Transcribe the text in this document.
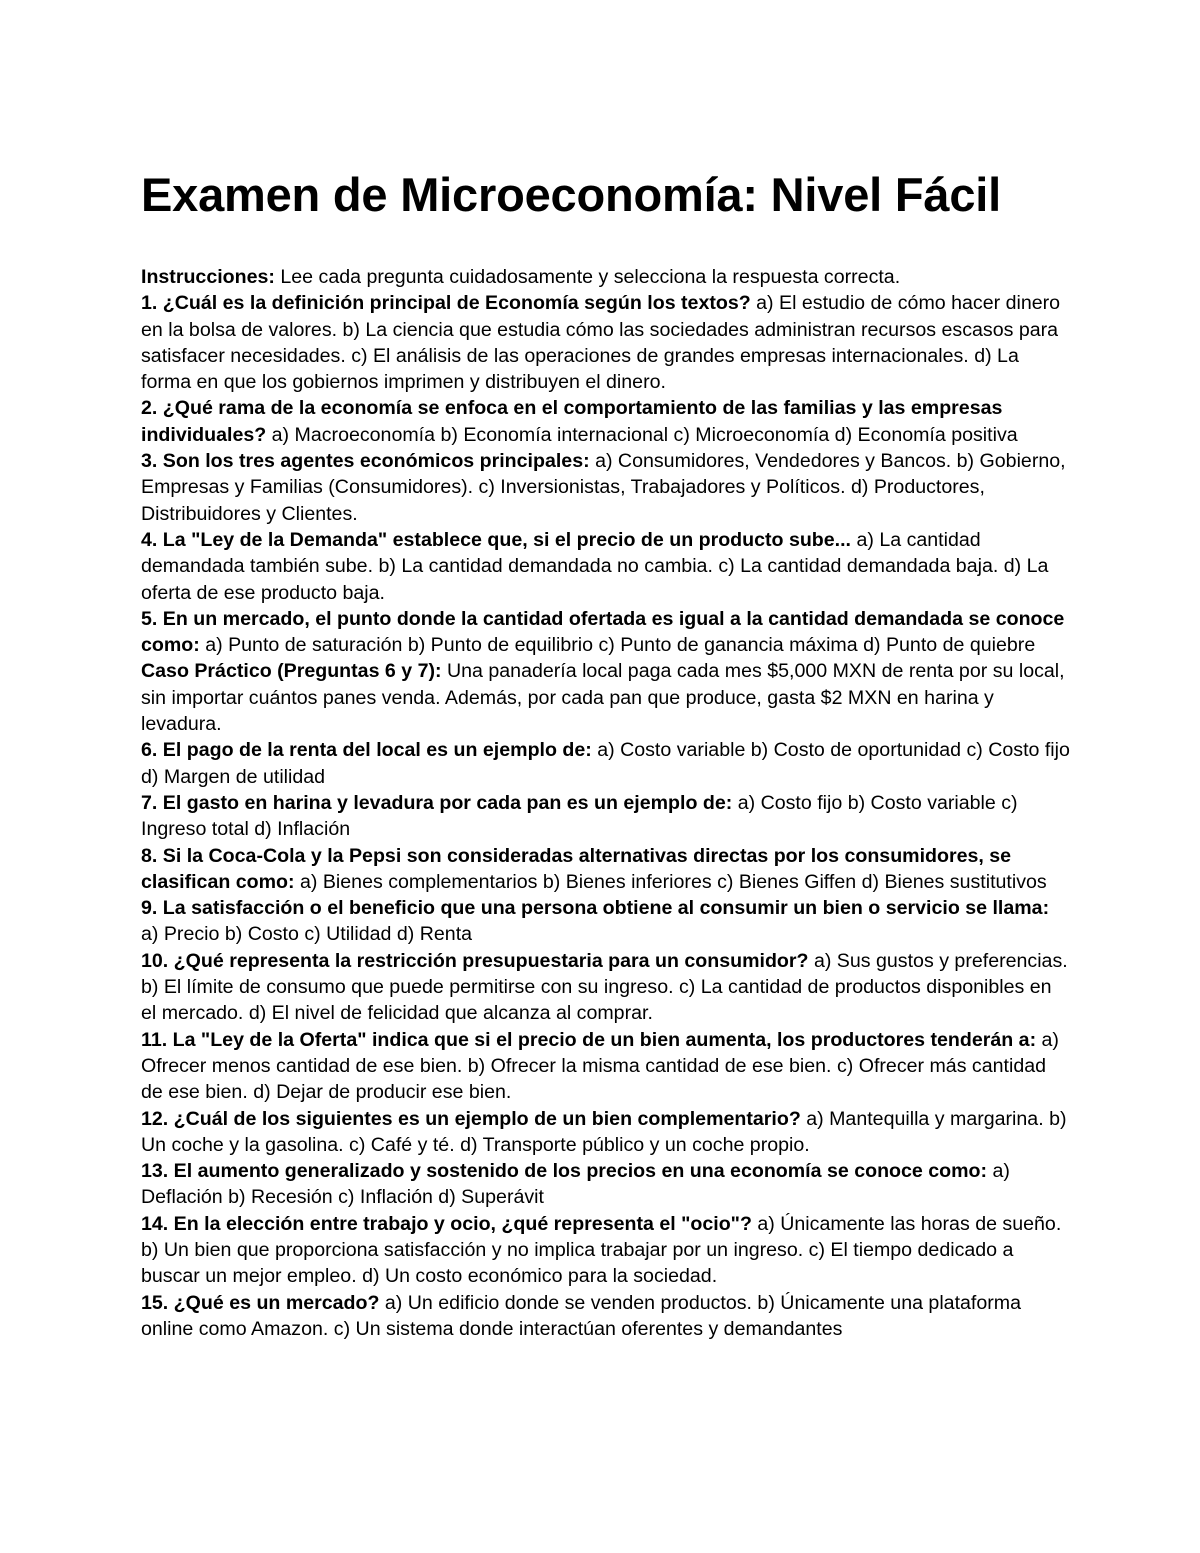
Examen de Microeconomía: Nivel Fácil

Instrucciones: Lee cada pregunta cuidadosamente y selecciona la respuesta correcta.

1. ¿Cuál es la definición principal de Economía según los textos? a) El estudio de cómo hacer dinero en la bolsa de valores. b) La ciencia que estudia cómo las sociedades administran recursos escasos para satisfacer necesidades. c) El análisis de las operaciones de grandes empresas internacionales. d) La forma en que los gobiernos imprimen y distribuyen el dinero.

2. ¿Qué rama de la economía se enfoca en el comportamiento de las familias y las empresas individuales? a) Macroeconomía b) Economía internacional c) Microeconomía d) Economía positiva

3. Son los tres agentes económicos principales: a) Consumidores, Vendedores y Bancos. b) Gobierno, Empresas y Familias (Consumidores). c) Inversionistas, Trabajadores y Políticos. d) Productores, Distribuidores y Clientes.

4. La "Ley de la Demanda" establece que, si el precio de un producto sube... a) La cantidad demandada también sube. b) La cantidad demandada no cambia. c) La cantidad demandada baja. d) La oferta de ese producto baja.

5. En un mercado, el punto donde la cantidad ofertada es igual a la cantidad demandada se conoce como: a) Punto de saturación b) Punto de equilibrio c) Punto de ganancia máxima d) Punto de quiebre

Caso Práctico (Preguntas 6 y 7): Una panadería local paga cada mes $5,000 MXN de renta por su local, sin importar cuántos panes venda. Además, por cada pan que produce, gasta $2 MXN en harina y levadura.

6. El pago de la renta del local es un ejemplo de: a) Costo variable b) Costo de oportunidad c) Costo fijo d) Margen de utilidad

7. El gasto en harina y levadura por cada pan es un ejemplo de: a) Costo fijo b) Costo variable c) Ingreso total d) Inflación

8. Si la Coca-Cola y la Pepsi son consideradas alternativas directas por los consumidores, se clasifican como: a) Bienes complementarios b) Bienes inferiores c) Bienes Giffen d) Bienes sustitutivos

9. La satisfacción o el beneficio que una persona obtiene al consumir un bien o servicio se llama: a) Precio b) Costo c) Utilidad d) Renta

10. ¿Qué representa la restricción presupuestaria para un consumidor? a) Sus gustos y preferencias. b) El límite de consumo que puede permitirse con su ingreso. c) La cantidad de productos disponibles en el mercado. d) El nivel de felicidad que alcanza al comprar.

11. La "Ley de la Oferta" indica que si el precio de un bien aumenta, los productores tenderán a: a) Ofrecer menos cantidad de ese bien. b) Ofrecer la misma cantidad de ese bien. c) Ofrecer más cantidad de ese bien. d) Dejar de producir ese bien.

12. ¿Cuál de los siguientes es un ejemplo de un bien complementario? a) Mantequilla y margarina. b) Un coche y la gasolina. c) Café y té. d) Transporte público y un coche propio.

13. El aumento generalizado y sostenido de los precios en una economía se conoce como: a) Deflación b) Recesión c) Inflación d) Superávit

14. En la elección entre trabajo y ocio, ¿qué representa el "ocio"? a) Únicamente las horas de sueño. b) Un bien que proporciona satisfacción y no implica trabajar por un ingreso. c) El tiempo dedicado a buscar un mejor empleo. d) Un costo económico para la sociedad.

15. ¿Qué es un mercado? a) Un edificio donde se venden productos. b) Únicamente una plataforma online como Amazon. c) Un sistema donde interactúan oferentes y demandantes
